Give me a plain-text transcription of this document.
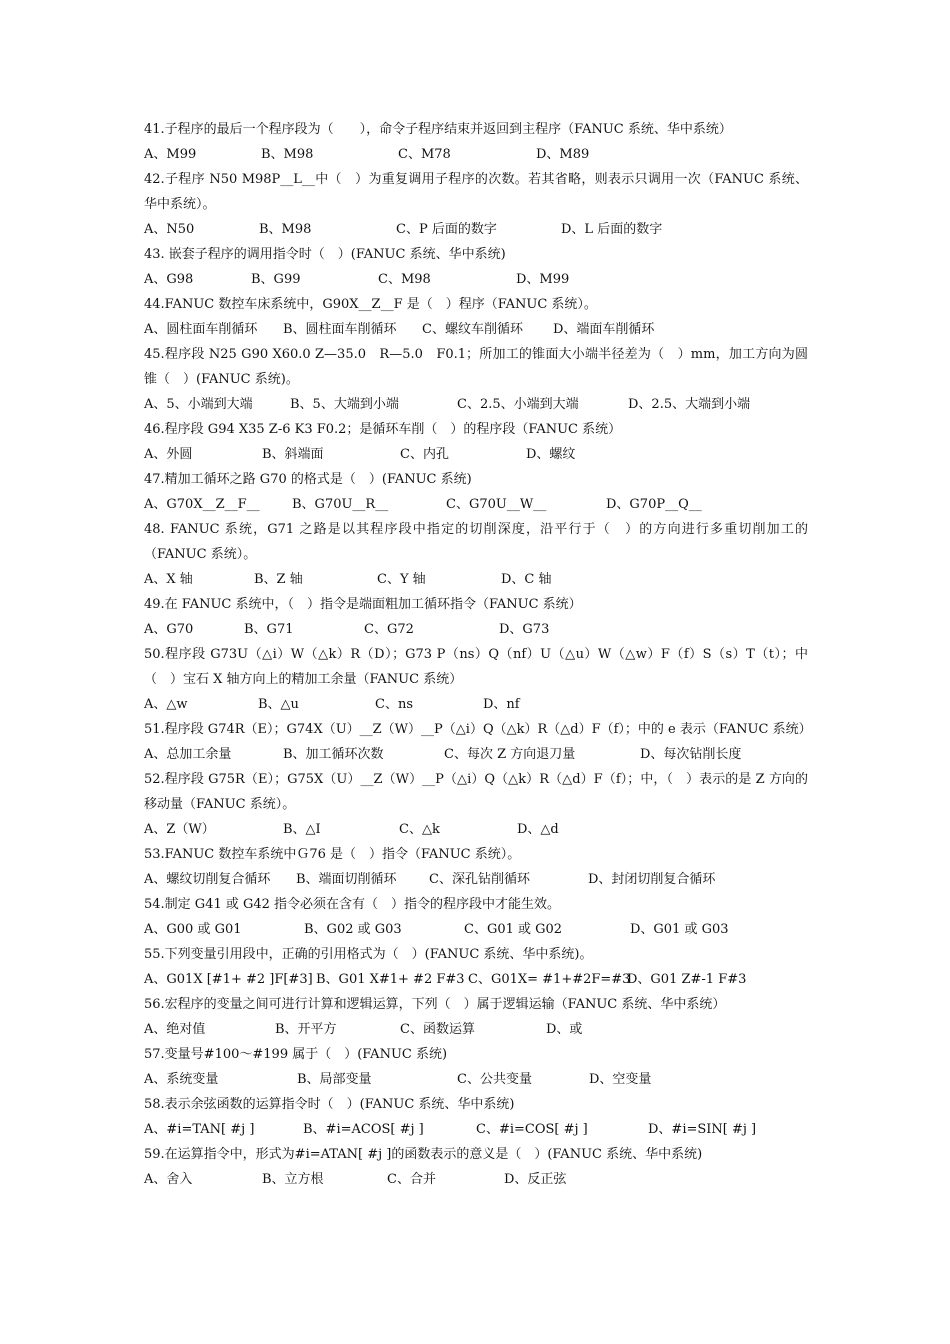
41.子程序的最后一个程序段为（　　），命令子程序结束并返回到主程序（FANUC 系统、华中系统）
A、M99	B、M98	C、M78	D、M89
42.子程序 N50 M98P__L__中（　）为重复调用子程序的次数。若其省略，则表示只调用一次（FANUC 系统、华中系统）。
A、N50	B、M98	C、P 后面的数字	D、L 后面的数字
43. 嵌套子程序的调用指令时（　）(FANUC 系统、华中系统)
A、G98	B、G99	C、M98	D、M99
44.FANUC 数控车床系统中，G90X__Z__F 是（　）程序（FANUC 系统）。
A、圆柱面车削循环	B、圆柱面车削循环	C、螺纹车削循环	D、端面车削循环
45.程序段 N25 G90 X60.0 Z—35.0　R—5.0　F0.1；所加工的锥面大小端半径差为（　）mm，加工方向为圆锥（　）(FANUC 系统)。
A、5、小端到大端	B、5、大端到小端	C、2.5、小端到大端	D、2.5、大端到小端
46.程序段 G94 X35 Z-6 K3 F0.2；是循环车削（　）的程序段（FANUC 系统）
A、外圆	B、斜端面	C、内孔	D、螺纹
47.精加工循环之路 G70 的格式是（　）(FANUC 系统)
A、G70X__Z__F__	B、G70U__R__	C、G70U__W__	D、G70P__Q__
48. FANUC 系统，G71 之路是以其程序段中指定的切削深度，沿平行于（　）的方向进行多重切削加工的（FANUC 系统）。
A、X 轴	B、Z 轴	C、Y 轴	D、C 轴
49.在 FANUC 系统中，（　）指令是端面粗加工循环指令（FANUC 系统）
A、G70	B、G71	C、G72	D、G73
50.程序段 G73U（△i）W（△k）R（D）；G73 P（ns）Q（nf）U（△u）W（△w）F（f）S（s）T（t）；中（　）宝石 X 轴方向上的精加工余量（FANUC 系统）
A、△w	B、△u	C、ns	D、nf
51.程序段 G74R（E）；G74X（U）__Z（W）__P（△i）Q（△k）R（△d）F（f）；中的 e 表示（FANUC 系统）
A、总加工余量	B、加工循环次数	C、每次 Z 方向退刀量	D、每次钻削长度
52.程序段 G75R（E）；G75X（U）__Z（W）__P（△i）Q（△k）R（△d）F（f）；中，（　）表示的是 Z 方向的移动量（FANUC 系统）。
A、Z（W）	B、△I	C、△k	D、△d
53.FANUC 数控车系统中Ｇ76 是（　）指令（FANUC 系统）。
A、螺纹切削复合循环	B、端面切削循环	C、深孔钻削循环	D、封闭切削复合循环
54.制定 G41 或 G42 指令必须在含有（　）指令的程序段中才能生效。
A、G00 或 G01	B、G02 或 G03	C、G01 或 G02	D、G01 或 G03
55.下列变量引用段中，正确的引用格式为（　）(FANUC 系统、华中系统)。
A、G01X [#1+ #2 ]F[#3] B、G01 X#1+ #2 F#3 C、G01X= #1+#2F=#3
D、G01 Z#-1 F#3
56.宏程序的变量之间可进行计算和逻辑运算，下列（　）属于逻辑运输（FANUC 系统、华中系统）
A、绝对值	B、开平方	C、函数运算	D、或
57.变量号#100～#199 属于（　）(FANUC 系统)
A、系统变量	B、局部变量	C、公共变量	D、空变量
58.表示余弦函数的运算指令时（　）(FANUC 系统、华中系统)
A、#i=TAN[ #j ]	B、#i=ACOS[ #j ]	C、#i=COS[ #j ]	D、#i=SIN[ #j ]
59.在运算指令中，形式为#i=ATAN[ #j ]的函数表示的意义是（　）(FANUC 系统、华中系统)
A、舍入	B、立方根	C、合并	D、反正弦
